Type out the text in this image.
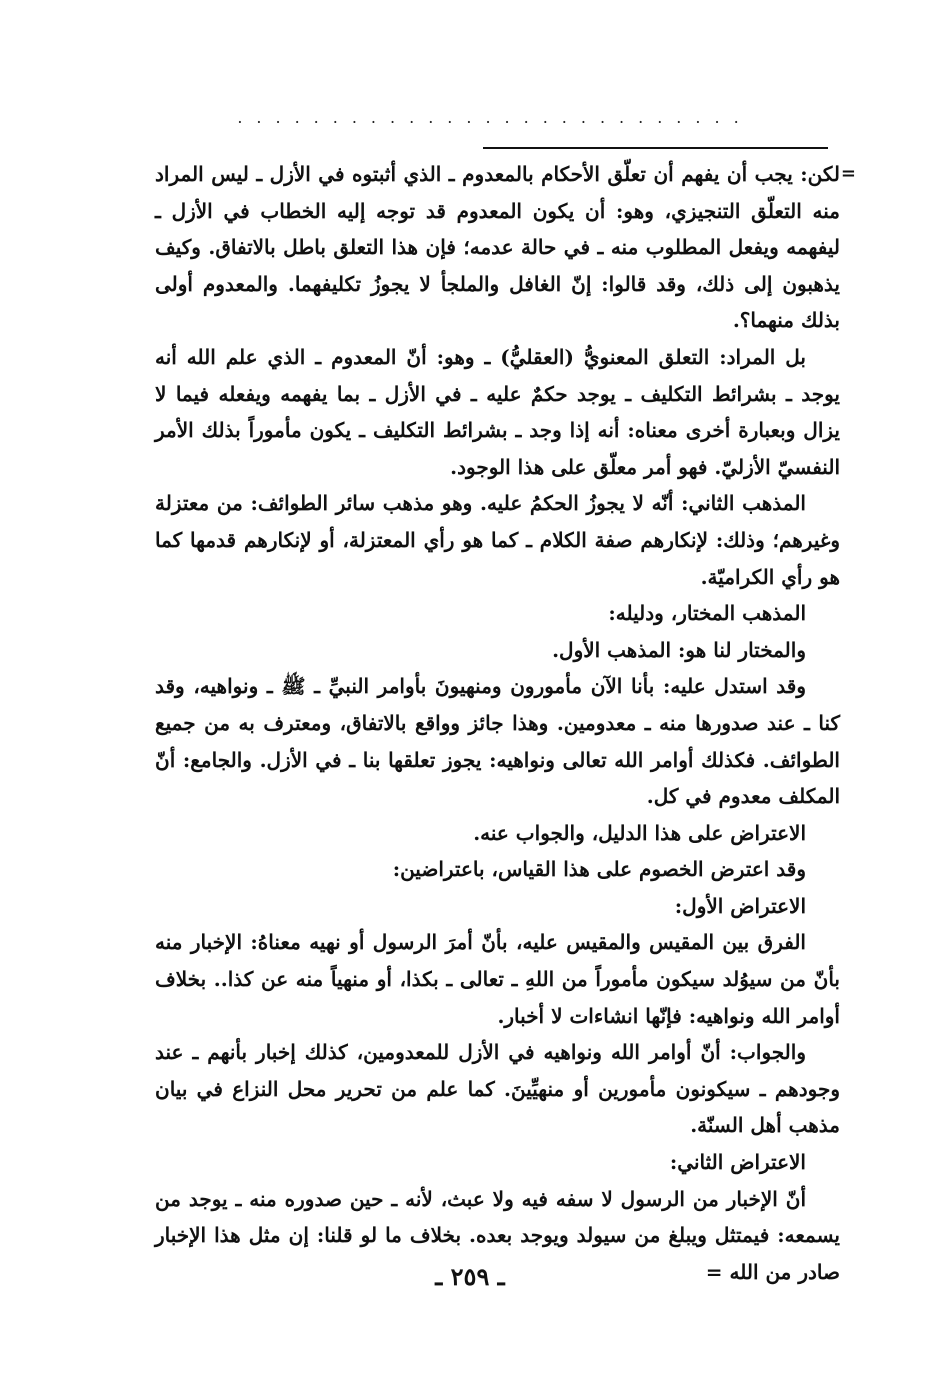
...........................

=
لكن: يجب أن يفهم أن تعلّق الأحكام بالمعدوم ـ الذي أثبتوه في الأزل ـ ليس المراد منه التعلّق التنجيزي، وهو: أن يكون المعدوم قد توجه إليه الخطاب في الأزل ـ ليفهمه ويفعل المطلوب منه ـ في حالة عدمه؛ فإن هذا التعلق باطل بالاتفاق. وكيف يذهبون إلى ذلك، وقد قالوا: إنّ الغافل والملجأ لا يجوزُ تكليفهما. والمعدوم أولى بذلك منهما؟.

بل المراد: التعلق المعنويُّ (العقليُّ) ـ وهو: أنّ المعدوم ـ الذي علم الله أنه يوجد ـ بشرائط التكليف ـ يوجد حكمٌ عليه ـ في الأزل ـ بما يفهمه ويفعله فيما لا يزال وبعبارة أخرى معناه: أنه إذا وجد ـ بشرائط التكليف ـ يكون مأموراً بذلك الأمر النفسيّ الأزليّ. فهو أمر معلّق على هذا الوجود.

المذهب الثاني: أنّه لا يجوزُ الحكمُ عليه. وهو مذهب سائر الطوائف: من معتزلة وغيرهم؛ وذلك: لإنكارهم صفة الكلام ـ كما هو رأي المعتزلة، أو لإنكارهم قدمها كما هو رأي الكراميّة.

المذهب المختار، ودليله:

والمختار لنا هو: المذهب الأول.

وقد استدل عليه: بأنا الآن مأمورون ومنهيونَ بأوامر النبيِّ ـ ﷺ ـ ونواهيه، وقد كنا ـ عند صدورها منه ـ معدومين. وهذا جائز وواقع بالاتفاق، ومعترف به من جميع الطوائف. فكذلك أوامر الله تعالى ونواهيه: يجوز تعلقها بنا ـ في الأزل. والجامع: أنّ المكلف معدوم في كل.

الاعتراض على هذا الدليل، والجواب عنه.

وقد اعترض الخصوم على هذا القياس، باعتراضين:

الاعتراض الأول:

الفرق بين المقيس والمقيس عليه، بأنّ أمرَ الرسول أو نهيه معناهُ: الإخبار منه بأنّ من سيوُلد سيكون مأموراً من اللهِ ـ تعالى ـ بكذا، أو منهياً منه عن كذا.. بخلاف أوامر الله ونواهيه: فإنّها انشاءات لا أخبار.

والجواب: أنّ أوامر الله ونواهيه في الأزل للمعدومين، كذلك إخبار بأنهم ـ عند وجودهم ـ سيكونون مأمورين أو منهيِّينَ. كما علم من تحرير محل النزاع في بيان مذهب أهل السنّة.

الاعتراض الثاني:

أنّ الإخبار من الرسول لا سفه فيه ولا عبث، لأنه ـ حين صدوره منه ـ يوجد من يسمعه: فيمتثل ويبلغ من سيولد ويوجد بعده. بخلاف ما لو قلنا: إن مثل هذا الإخبار صادر من الله =

ـ ٢٥٩ ـ
